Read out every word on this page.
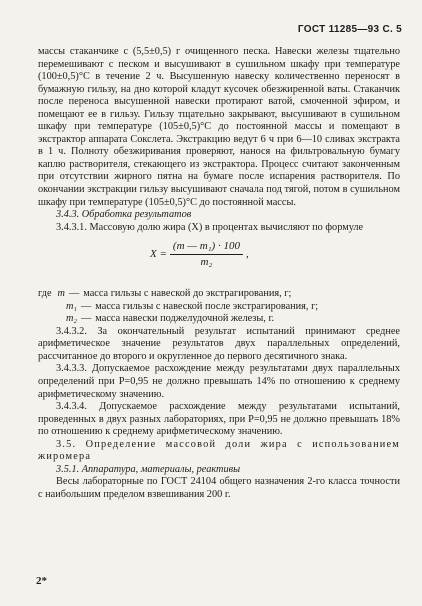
ГОСТ 11285—93 С. 5

массы стаканчике с (5,5±0,5) г очищенного песка. Навески железы тщательно перемешивают с песком и высушивают в сушильном шкафу при температуре (100±0,5)°C в течение 2 ч. Высушенную навеску количественно переносят в бумажную гильзу, на дно которой кладут кусочек обезжиренной ваты. Стаканчик после переноса высушенной навески протирают ватой, смоченной эфиром, и помещают ее в гильзу. Гильзу тщательно закрывают, высушивают в сушильном шкафу при температуре (105±0,5)°C до постоянной массы и помещают в экстрактор аппарата Сокслета. Экстракцию ведут 6 ч при 6—10 сливах экстракта в 1 ч. Полноту обезжиривания проверяют, нанося на фильтровальную бумагу каплю растворителя, стекающего из экстрактора. Процесс считают законченным при отсутствии жирного пятна на бумаге после испарения растворителя. По окончании экстракции гильзу высушивают сначала под тягой, потом в сушильном шкафу при температуре (105±0,5)°C до постоянной массы.

3.4.3. Обработка результатов

3.4.3.1. Массовую долю жира (X) в процентах вычисляют по формуле

$X = \frac{\text{(m — m₁) · 100}}{\text{m₂}}$ ,
где m — масса гильзы с навеской до экстрагирования, г;
m₁ — масса гильзы с навеской после экстрагирования, г;
m₂ — масса навески поджелудочной железы, г.

3.4.3.2. За окончательный результат испытаний принимают среднее арифметическое значение результатов двух параллельных определений, рассчитанное до второго и округленное до первого десятичного знака.

3.4.3.3. Допускаемое расхождение между результатами двух параллельных определений при P=0,95 не должно превышать 14% по отношению к среднему арифметическому значению.

3.4.3.4. Допускаемое расхождение между результатами испытаний, проведенных в двух разных лабораториях, при P=0,95 не должно превышать 18% по отношению к среднему арифметическому значению.

3.5. Определение массовой доли жира с использованием жиромера

3.5.1. Аппаратура, материалы, реактивы

Весы лабораторные по ГОСТ 24104 общего назначения 2-го класса точности с наибольшим пределом взвешивания 200 г.

2*
